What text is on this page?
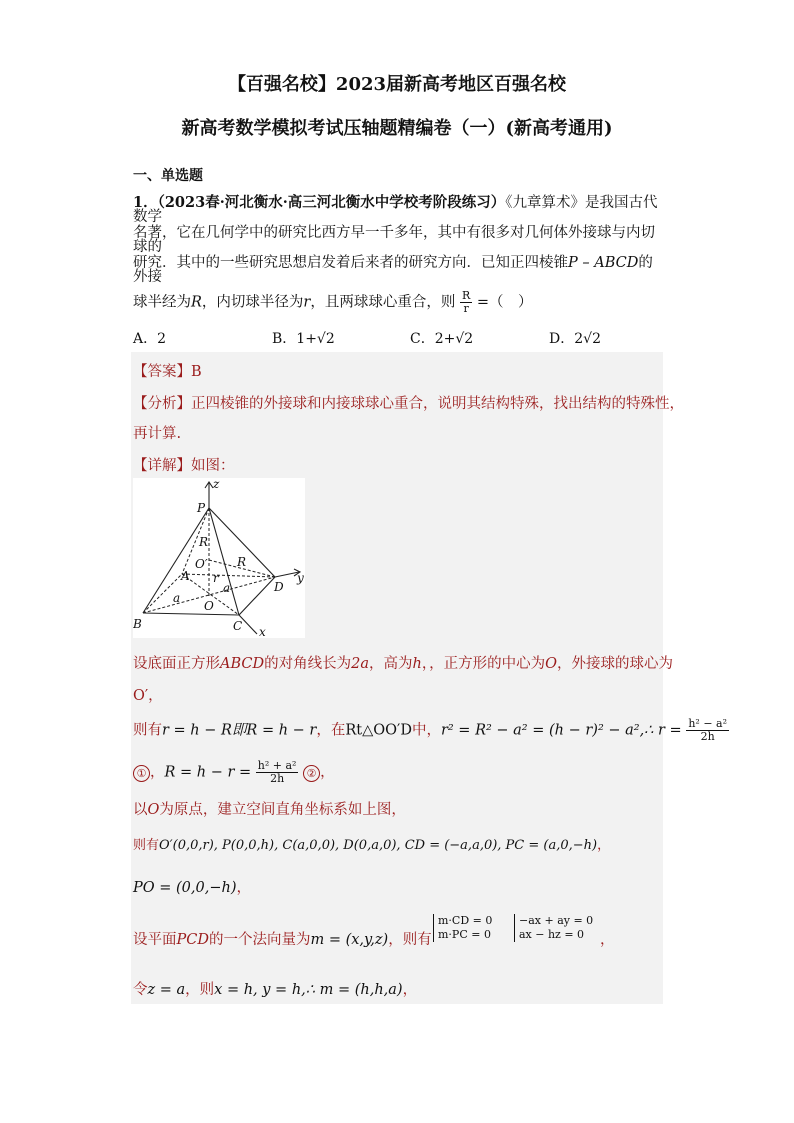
【百强名校】2023届新高考地区百强名校
新高考数学模拟考试压轴题精编卷（一）(新高考通用)
一、单选题
1．（2023春·河北衡水·高三河北衡水中学校考阶段练习）《九章算术》是我国古代数学
名著，它在几何学中的研究比西方早一千多年，其中有很多对几何体外接球与内切球的
研究．其中的一些研究思想启发着后来者的研究方向．已知正四棱锥P – ABCD的外接
球半经为R，内切球半径为r，且两球球心重合，则 $\frac{R}{r}$ =（　）
A．2	B．1+√2	C．2+√2	D．2√2
【答案】B
【分析】正四棱锥的外接球和内接球球心重合，说明其结构特殊，找出结构的特殊性，
再计算.
【详解】如图：
z
y
x
P
R
R
O′
A r
a
a
O
B	C
D
设底面正方形ABCD的对角线长为2a，高为h，，正方形的中心为O，外接球的球心为
O′，
则有r = h − R即R = h − r，在Rt△OO′D中，r² = R² − a² = (h − r)² − a²,∴ $r = \frac{\text{h² − a²}}{2h}$
① ，$R = h - r = \frac{\text{h² + a²}}{2h}$ ② ，
以O为原点，建立空间直角坐标系如上图，
则有O′(0,0,r), P(0,0,h), C(a,0,0), D(0,a,0), CD = (−a,a,0), PC = (a,0,−h)，
PO = (0,0,−h)，
设平面PCD的一个法向量为m = (x,y,z)，则有
m·CD = 0
m·PC = 0
−ax + ay = 0
ax − hz = 0	，
令z = a，则x = h, y = h,∴ m = (h,h,a)，
